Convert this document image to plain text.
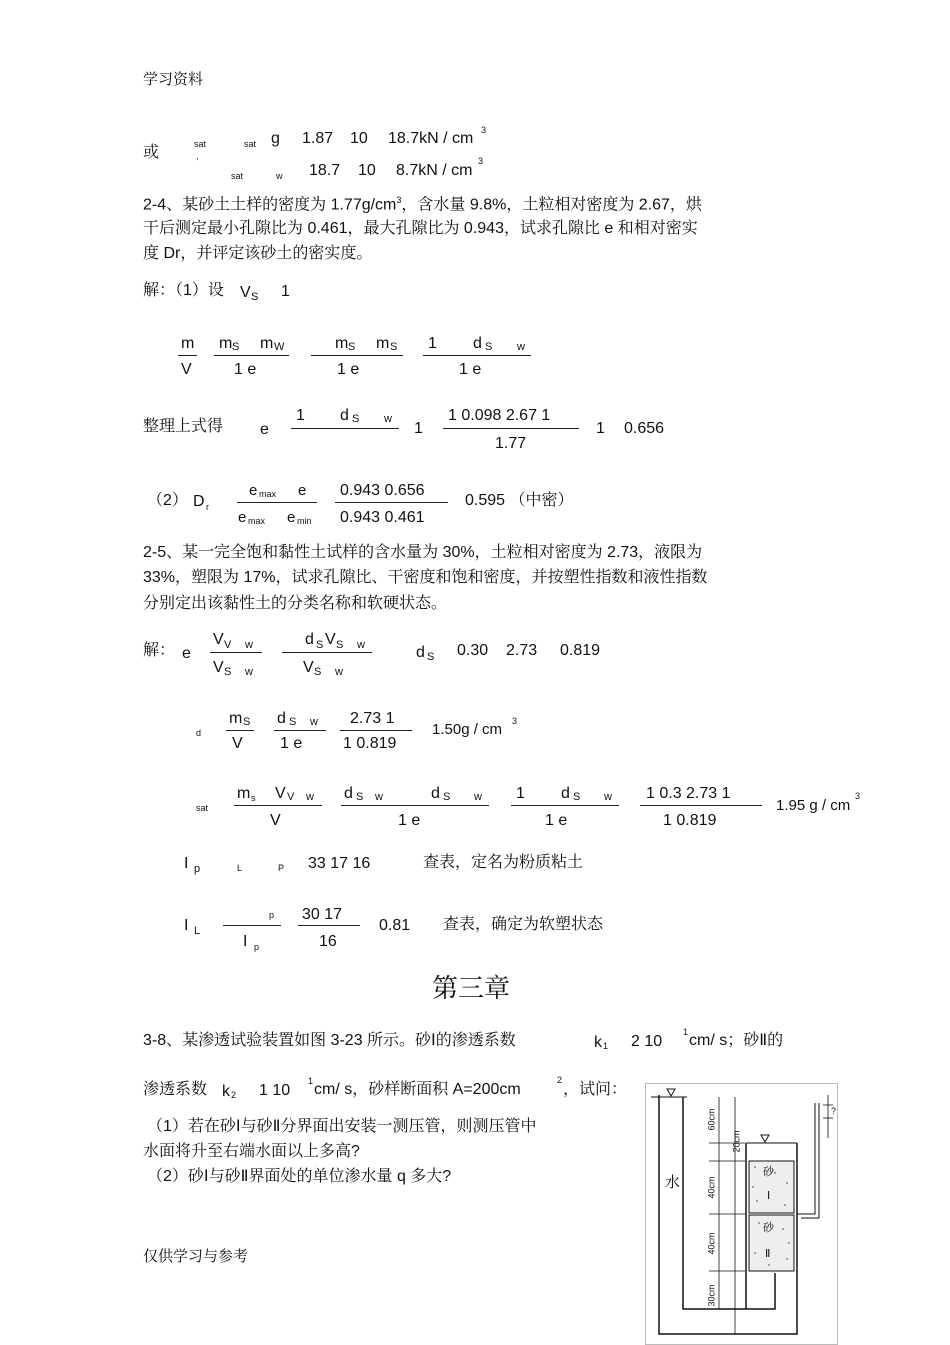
学习资料
仅供学习与参考
或	sat	sat g 1.87 10 18.7kN / cm 3
,
sat	w 18.7 10 8.7kN / cm
3
2-4、某砂土土样的密度为 $1.77g/cm^3$，含水量 9.8%，土粒相对密度为 2.67，烘
干后测定最小孔隙比为 0.461，最大孔隙比为 0.943，试求孔隙比 e 和相对密实
度 Dr，并评定该砂土的密实度。
解：（1）设 V S 1
m
V
m S m W
1 e
m S m S
1 e
1 d S w
1 e
整理上式得 e
1 d S w
1
1 0.098 2.67 1
1.77
1 0.656
（2） D r
e max e
e max e min
0.943 0.656
0.943 0.461
0.595 （中密）
2-5、某一完全饱和黏性土试样的含水量为 30%，土粒相对密度为 2.73，液限为
33%，塑限为 17%，试求孔隙比、干密度和饱和密度，并按塑性指数和液性指数
分别定出该黏性土的分类名称和软硬状态。
解： e
V V w
V S w
d S V S w
V S w
d S 0.30 2.73 0.819
d
m S
V
d S w
1 e
2.73 1
1 0.819
1.50g / cm 3
sat
m s V V w
V
d S w	d S w
1 e
1 d S w
1 e
1 0.3 2.73 1
1 0.819
1.95 g / cm
3
I p	L	P 33 17 16	查表，定名为粉质粘土
I L
p
I p
30 17
16
0.81 查表，确定为软塑状态
第三章
3-8、某渗透试验装置如图 3-23 所示。砂Ⅰ的渗透系数	k 1 2 10
1 cm/ s；砂Ⅱ的
渗透系数 k 2 1 10
1 cm/ s，砂样断面积 A=200cm
2
，试问：
（1）若在砂Ⅰ与砂Ⅱ分界面出安装一测压管，则测压管中
水面将升至右端水面以上多高?
（2）砂Ⅰ与砂Ⅱ界面处的单位渗水量 q 多大?	水
砂
Ⅰ
砂
Ⅱ
60cm
20cm
40cm
40cm
30cm
?
